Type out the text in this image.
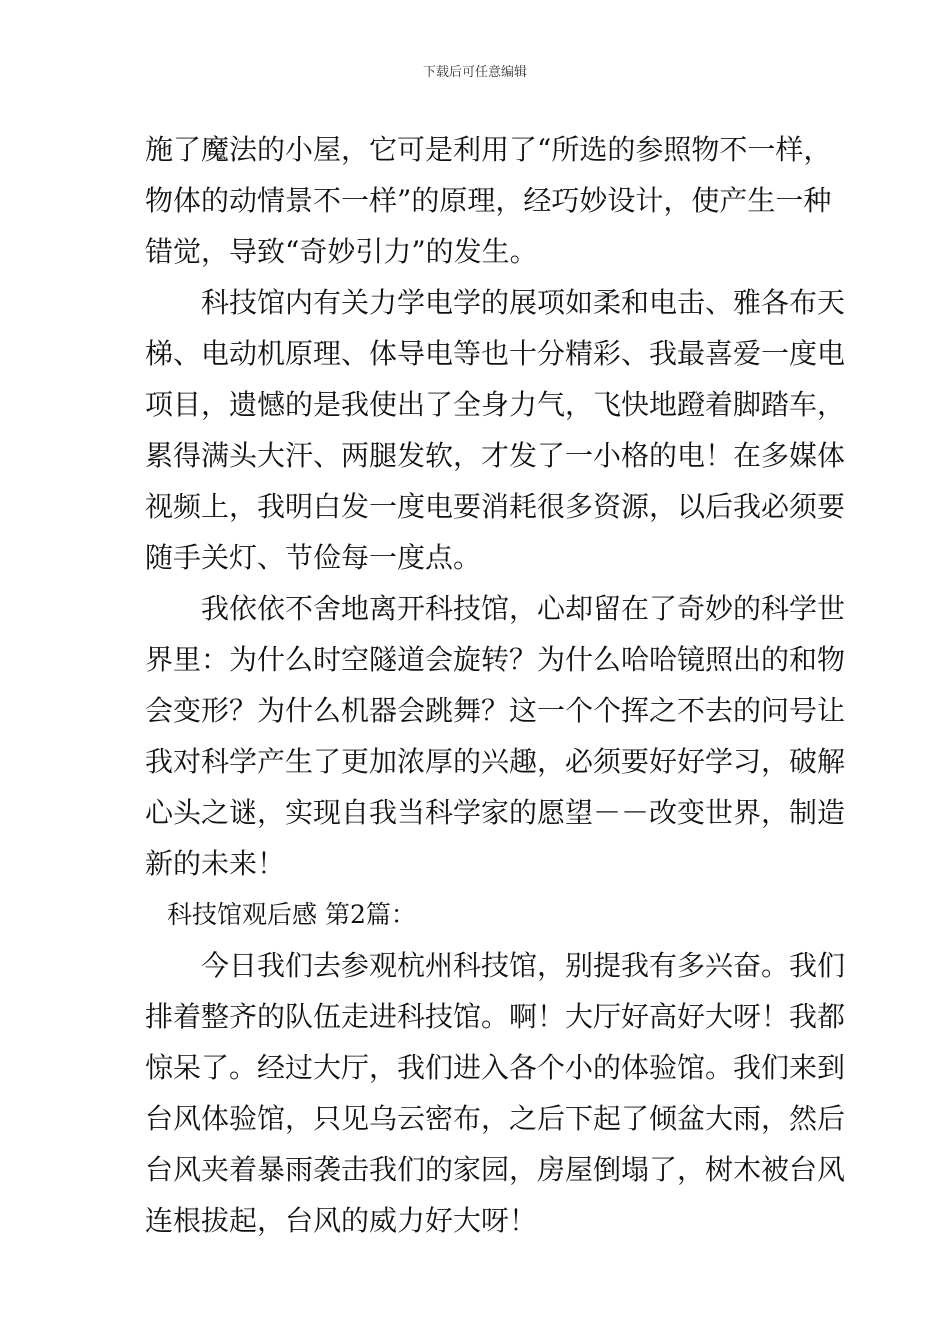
下载后可任意编辑
施了魔法的小屋，它可是利用了“所选的参照物不一样，
物体的动情景不一样”的原理，经巧妙设计，使产生一种
错觉，导致“奇妙引力”的发生。
科技馆内有关力学电学的展项如柔和电击、雅各布天
梯、电动机原理、体导电等也十分精彩、我最喜爱一度电
项目，遗憾的是我使出了全身力气，飞快地蹬着脚踏车，
累得满头大汗、两腿发软，才发了一小格的电！在多媒体
视频上，我明白发一度电要消耗很多资源，以后我必须要
随手关灯、节俭每一度点。
我依依不舍地离开科技馆，心却留在了奇妙的科学世
界里：为什么时空隧道会旋转？为什么哈哈镜照出的和物
会变形？为什么机器会跳舞？这一个个挥之不去的问号让
我对科学产生了更加浓厚的兴趣，必须要好好学习，破解
心头之谜，实现自我当科学家的愿望－－改变世界，制造
新的未来！
科技馆观后感 第2篇：
今日我们去参观杭州科技馆，别提我有多兴奋。我们
排着整齐的队伍走进科技馆。啊！大厅好高好大呀！我都
惊呆了。经过大厅，我们进入各个小的体验馆。我们来到
台风体验馆，只见乌云密布，之后下起了倾盆大雨，然后
台风夹着暴雨袭击我们的家园，房屋倒塌了，树木被台风
连根拔起，台风的威力好大呀！
